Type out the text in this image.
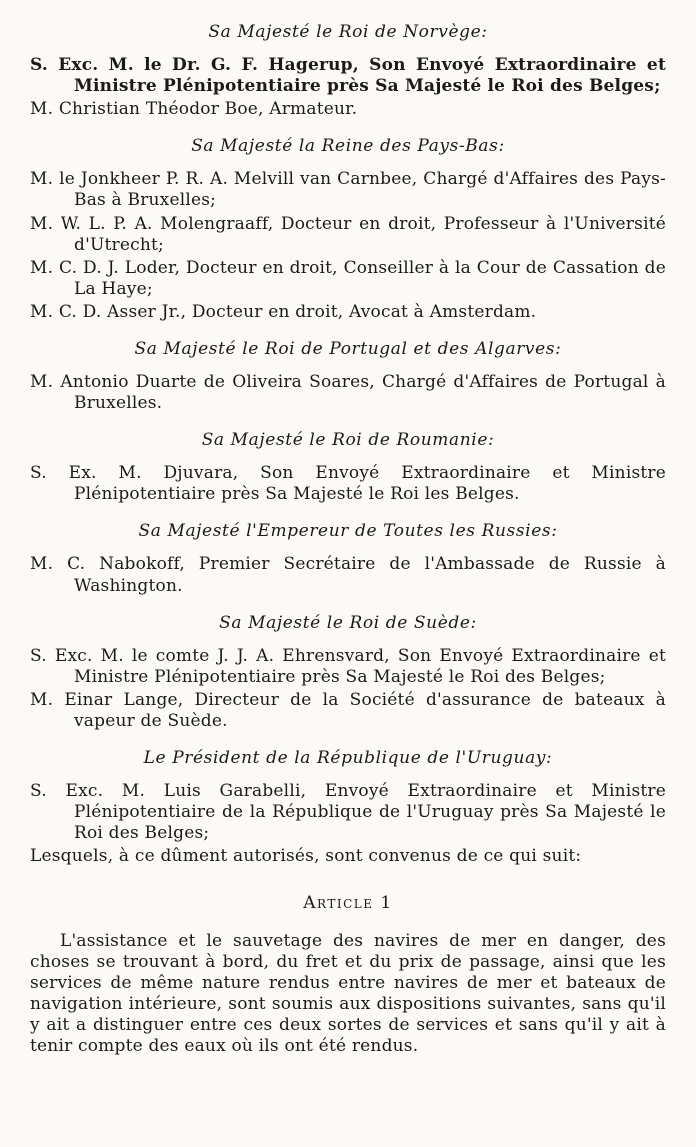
Sa Majesté le Roi de Norvège:

S. Exc. M. le Dr. G. F. Hagerup, Son Envoyé Extraordinaire et Ministre Plénipotentiaire près Sa Majesté le Roi des Belges;

M. Christian Théodor Boe, Armateur.

Sa Majesté la Reine des Pays-Bas:

M. le Jonkheer P. R. A. Melvill van Carnbee, Chargé d'Affaires des Pays-Bas à Bruxelles;

M. W. L. P. A. Molengraaff, Docteur en droit, Professeur à l'Université d'Utrecht;

M. C. D. J. Loder, Docteur en droit, Conseiller à la Cour de Cassation de La Haye;

M. C. D. Asser Jr., Docteur en droit, Avocat à Amsterdam.

Sa Majesté le Roi de Portugal et des Algarves:

M. Antonio Duarte de Oliveira Soares, Chargé d'Affaires de Portugal à Bruxelles.

Sa Majesté le Roi de Roumanie:

S. Ex. M. Djuvara, Son Envoyé Extraordinaire et Ministre Plénipotentiaire près Sa Majesté le Roi les Belges.

Sa Majesté l'Empereur de Toutes les Russies:

M. C. Nabokoff, Premier Secrétaire de l'Ambassade de Russie à Washington.

Sa Majesté le Roi de Suède:

S. Exc. M. le comte J. J. A. Ehrensvard, Son Envoyé Extraordinaire et Ministre Plénipotentiaire près Sa Majesté le Roi des Belges;

M. Einar Lange, Directeur de la Société d'assurance de bateaux à vapeur de Suède.

Le Président de la République de l'Uruguay:

S. Exc. M. Luis Garabelli, Envoyé Extraordinaire et Ministre Plénipotentiaire de la République de l'Uruguay près Sa Majesté le Roi des Belges;

Lesquels, à ce dûment autorisés, sont convenus de ce qui suit:

Article 1

L'assistance et le sauvetage des navires de mer en danger, des choses se trouvant à bord, du fret et du prix de passage, ainsi que les services de même nature rendus entre navires de mer et bateaux de navigation intérieure, sont soumis aux dispositions suivantes, sans qu'il y ait a distinguer entre ces deux sortes de services et sans qu'il y ait à tenir compte des eaux où ils ont été rendus.
